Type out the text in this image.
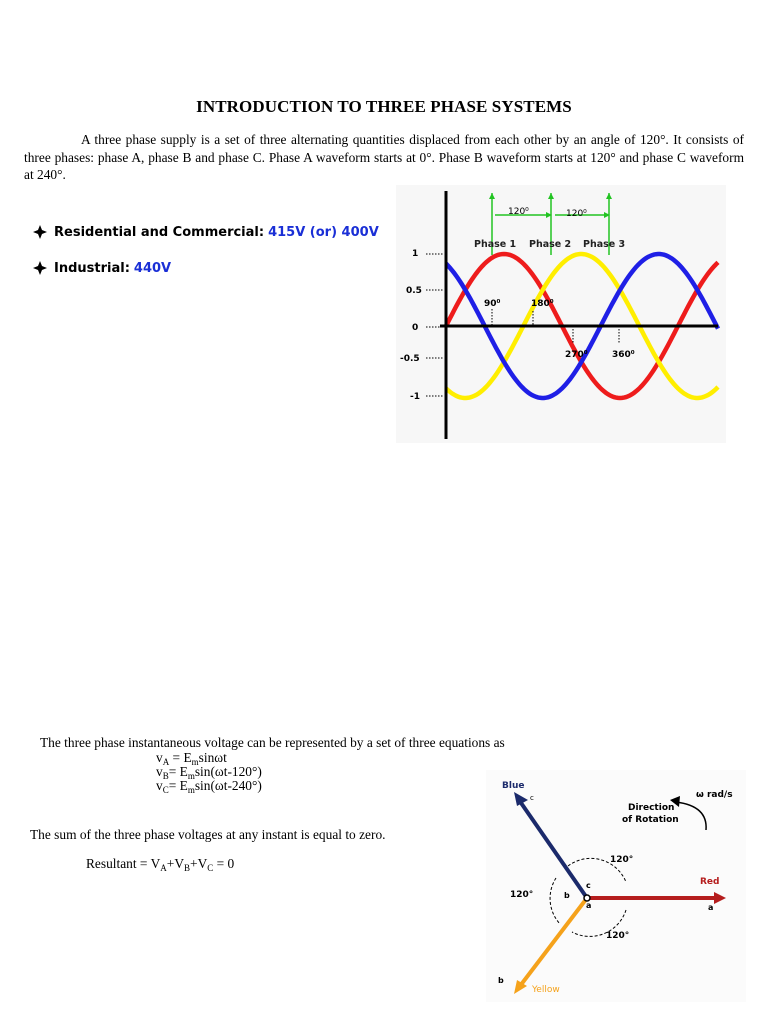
INTRODUCTION TO THREE PHASE SYSTEMS
A three phase supply is a set of three alternating quantities displaced from each other by an angle of 120°. It consists of three phases: phase A, phase B and phase C. Phase A waveform starts at 0°. Phase B waveform starts at 120° and phase C waveform at 240°.
Residential and Commercial: 415V (or) 400V
Industrial: 440V
1
0.5
0
-0.5
-1
120⁰	120⁰
Phase 1 Phase 2 Phase 3
90⁰	180⁰
270⁰	360⁰
The three phase instantaneous voltage can be represented by a set of three equations as
$v_A = E_m\sin\omega t$
$v_B= E_m\sin(\omega t-120^\circ)$
$v_C= E_m\sin(\omega t-240^\circ)$
The sum of the three phase voltages at any instant is equal to zero.
Resultant = $V_A+V_B+V_C = 0$
Blue
c
Red
a
Yellow
b
Direction
of Rotation
ω rad/s
120°
120°
120°
b
c
a
